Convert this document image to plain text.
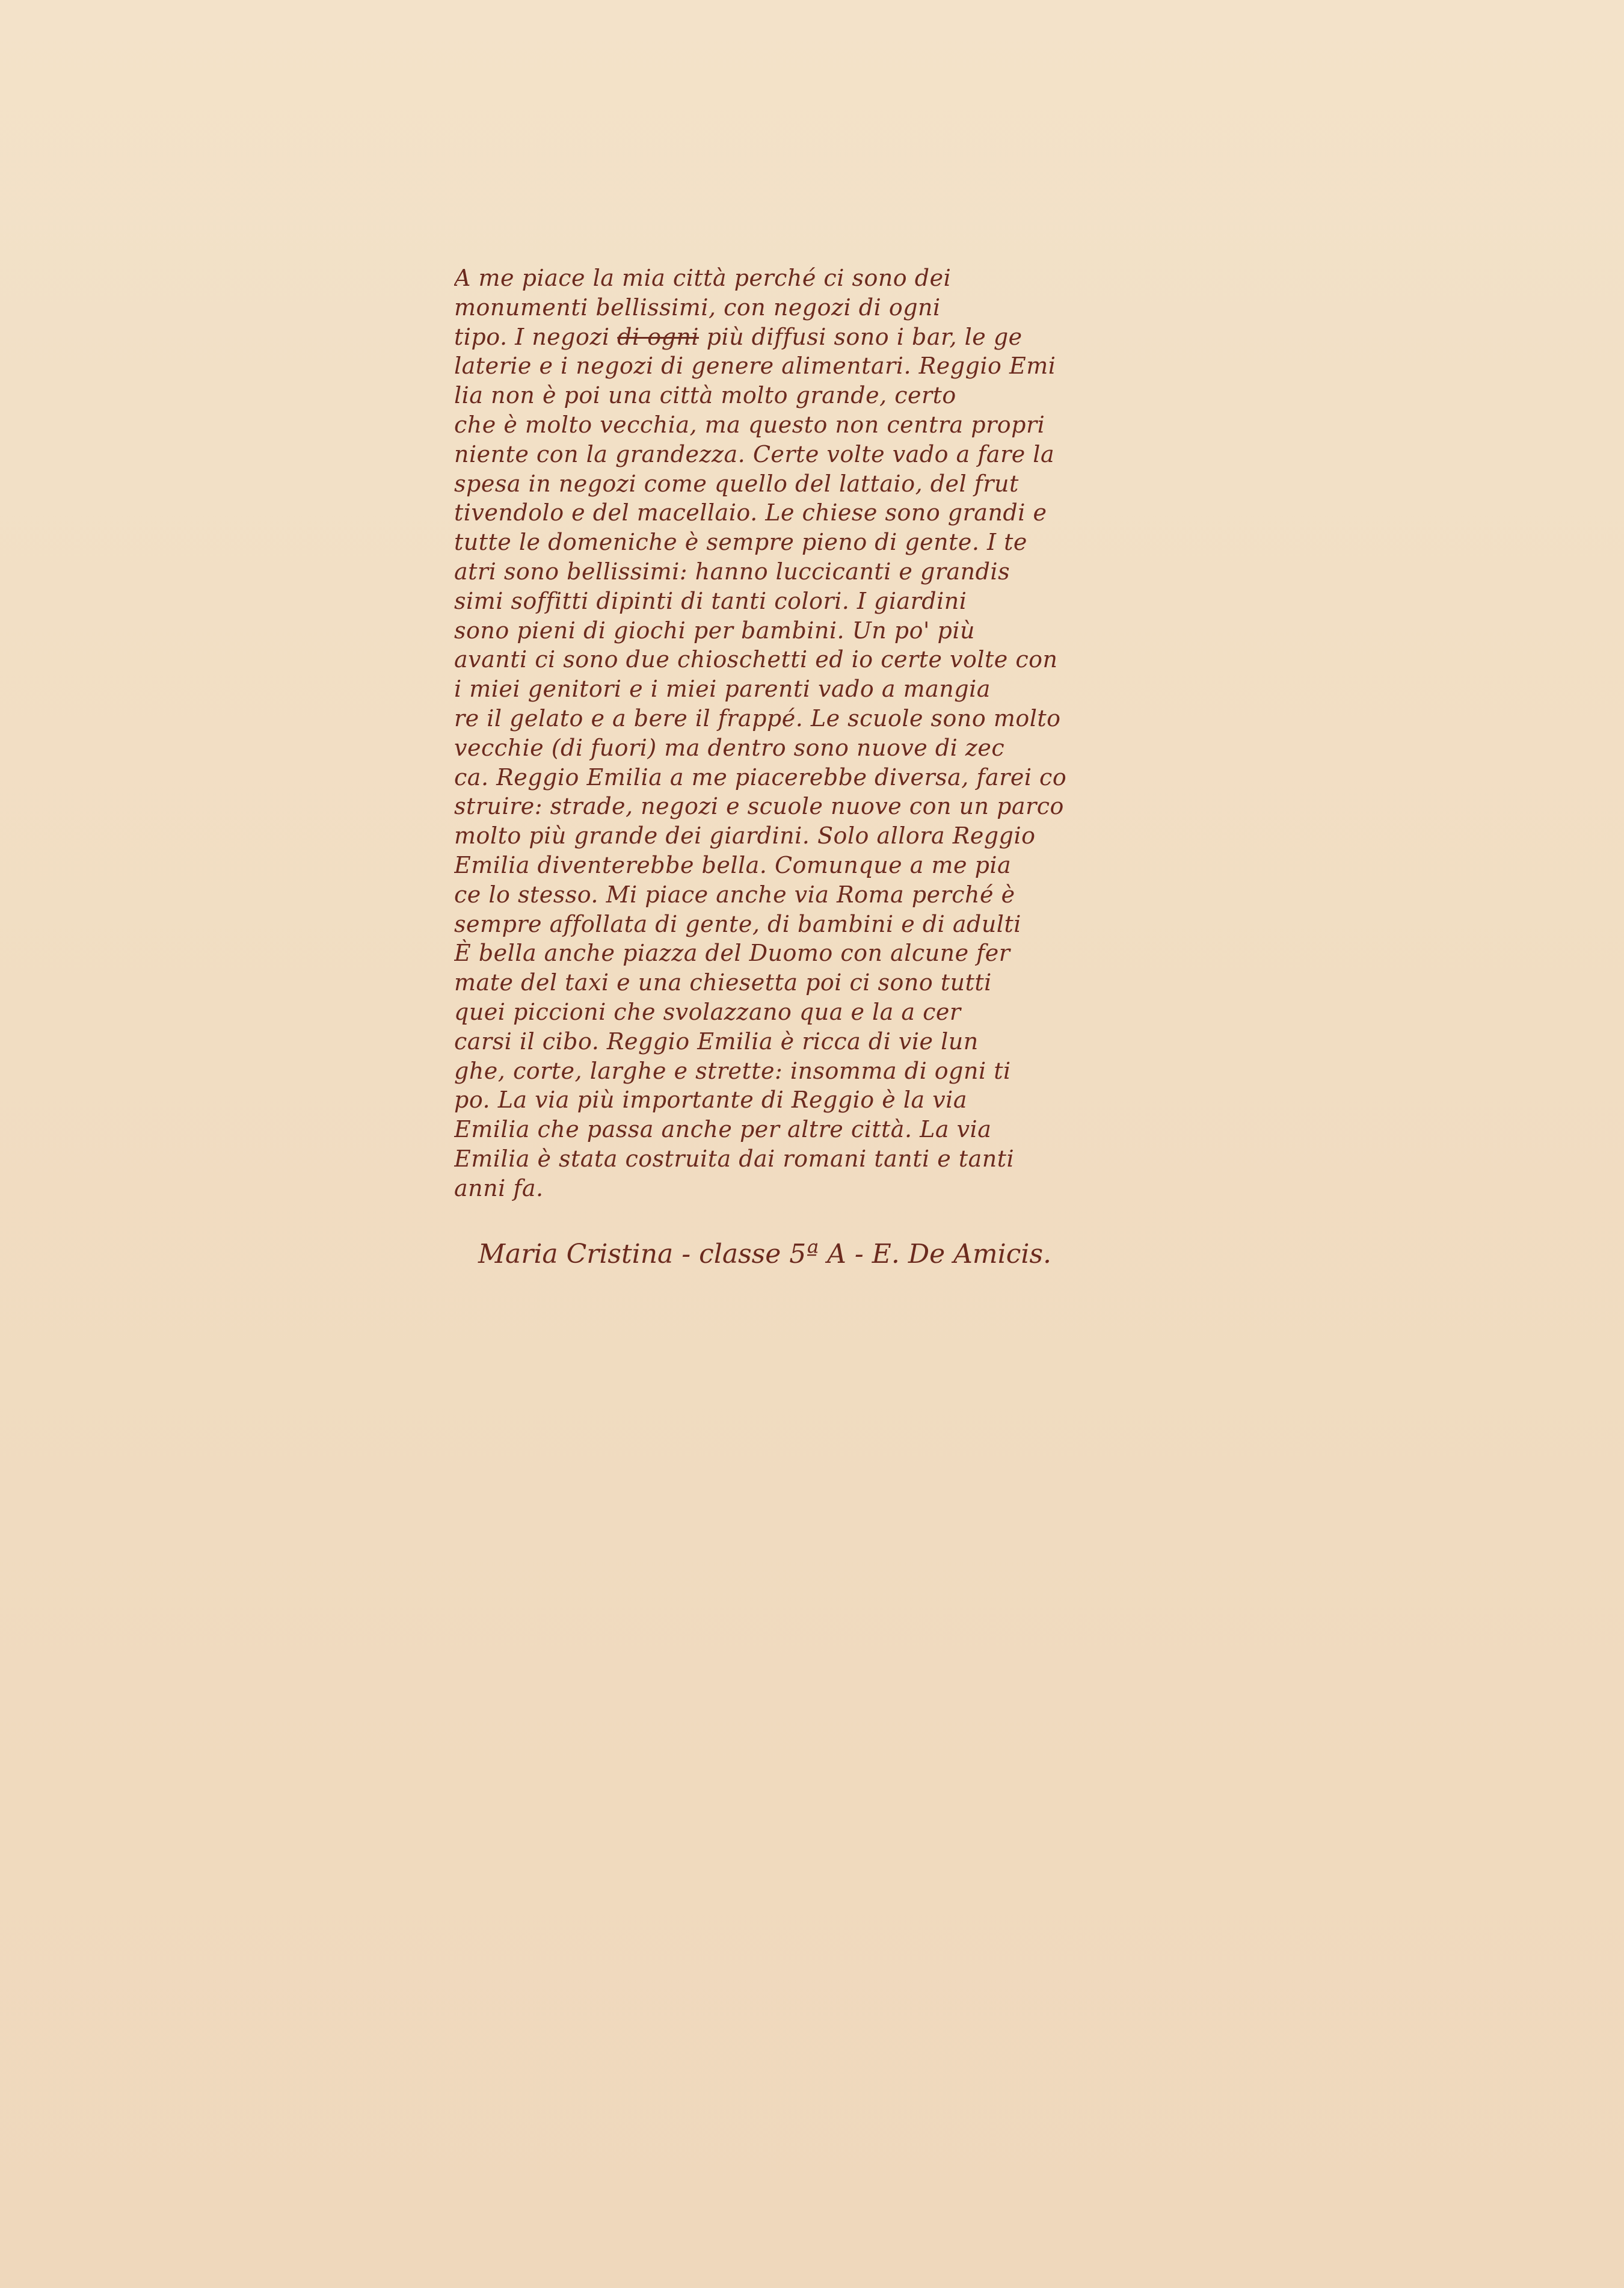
A me piace la mia città perché ci sono dei
monumenti bellissimi, con negozi di ogni
tipo. I negozi di ogni più diffusi sono i bar, le ge
laterie e i negozi di genere alimentari. Reggio Emi
lia non è poi una città molto grande, certo
che è molto vecchia, ma questo non centra propri
niente con la grandezza. Certe volte vado a fare la
spesa in negozi come quello del lattaio, del frut
tivendolo e del macellaio. Le chiese sono grandi e
tutte le domeniche è sempre pieno di gente. I te
atri sono bellissimi: hanno luccicanti e grandis
simi soffitti dipinti di tanti colori. I giardini
sono pieni di giochi per bambini. Un po' più
avanti ci sono due chioschetti ed io certe volte con
i miei genitori e i miei parenti vado a mangia
re il gelato e a bere il frappé. Le scuole sono molto
vecchie (di fuori) ma dentro sono nuove di zec
ca. Reggio Emilia a me piacerebbe diversa, farei co
struire: strade, negozi e scuole nuove con un parco
molto più grande dei giardini. Solo allora Reggio
Emilia diventerebbe bella. Comunque a me pia
ce lo stesso. Mi piace anche via Roma perché è
sempre affollata di gente, di bambini e di adulti
È bella anche piazza del Duomo con alcune fer
mate del taxi e una chiesetta poi ci sono tutti
quei piccioni che svolazzano qua e la a cer
carsi il cibo. Reggio Emilia è ricca di vie lun
ghe, corte, larghe e strette: insomma di ogni ti
po. La via più importante di Reggio è la via
Emilia che passa anche per altre città. La via
Emilia è stata costruita dai romani tanti e tanti
anni fa.
Maria Cristina - classe 5ª A - E. De Amicis.
